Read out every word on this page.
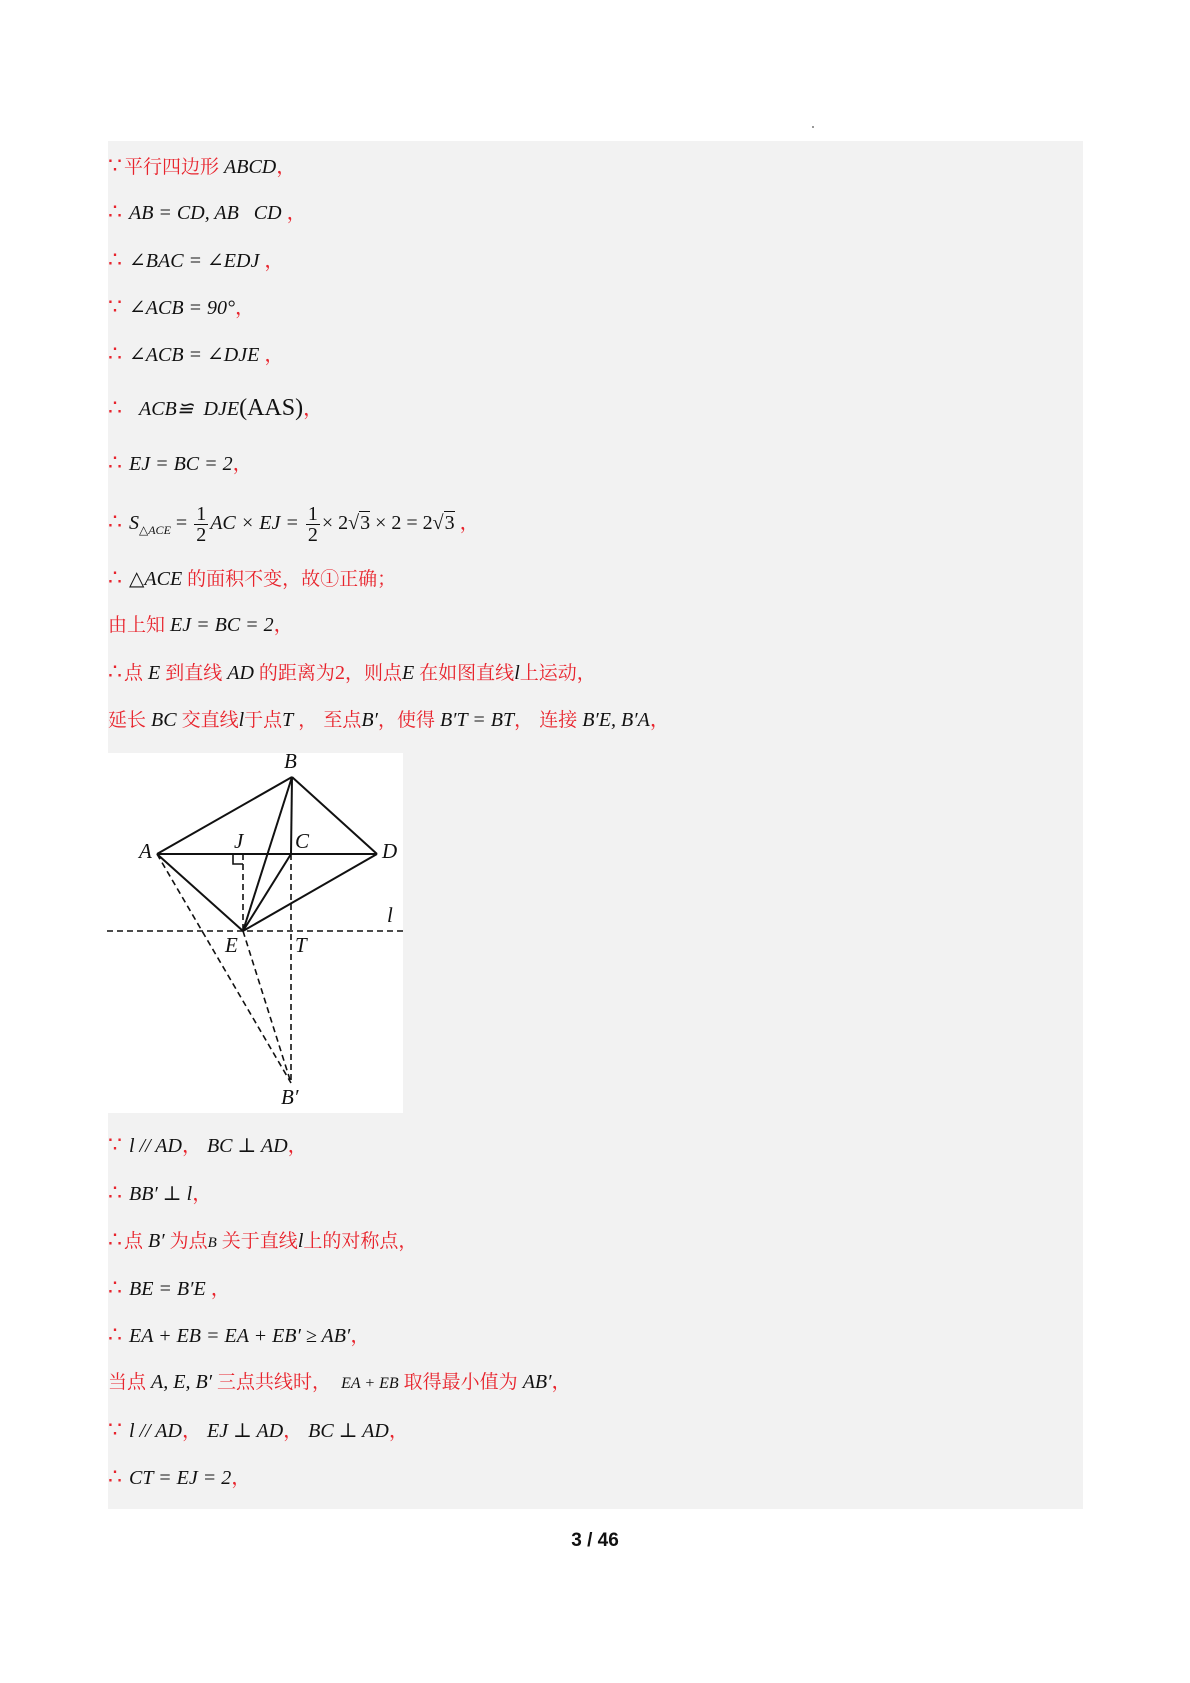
∵ 平行四边形 ABCD，
∴ AB = CD, AB CD ，
∴ ∠BAC = ∠EDJ ，
∵ ∠ACB = 90°，
∴ ∠ACB = ∠DJE ，
∴ ACB≌ DJE(AAS)，
∴ EJ = BC = 2，
∴ $S_{\triangle ACE} = \frac{1}{2}$ AC × EJ = $\frac{1}{2} \times 2√3 \times 2 = 2√3$ ，
∴ △ACE 的面积不变，故①正确；
由上知 EJ = BC = 2，
∴ 点 E 到直线 AD 的距离为2，则点E 在如图直线l上运动，
延长 BC 交直线l于点T ， 至点B′，使得 B′T = BT， 连接 B′E, B′A，
B
A	J C	D
l
E	T
B′
∵ l // AD， BC ⊥ AD，
∴ BB′ ⊥ l，
∴ 点 B′ 为点B 关于直线l上的对称点，
∴ BE = B′E ，
∴ EA + EB = EA + EB′ ≥ AB′，
当点 A, E, B′ 三点共线时， EA + EB 取得最小值为 AB′，
∵ l // AD， EJ ⊥ AD， BC ⊥ AD，
∴ CT = EJ = 2，
3 / 46
